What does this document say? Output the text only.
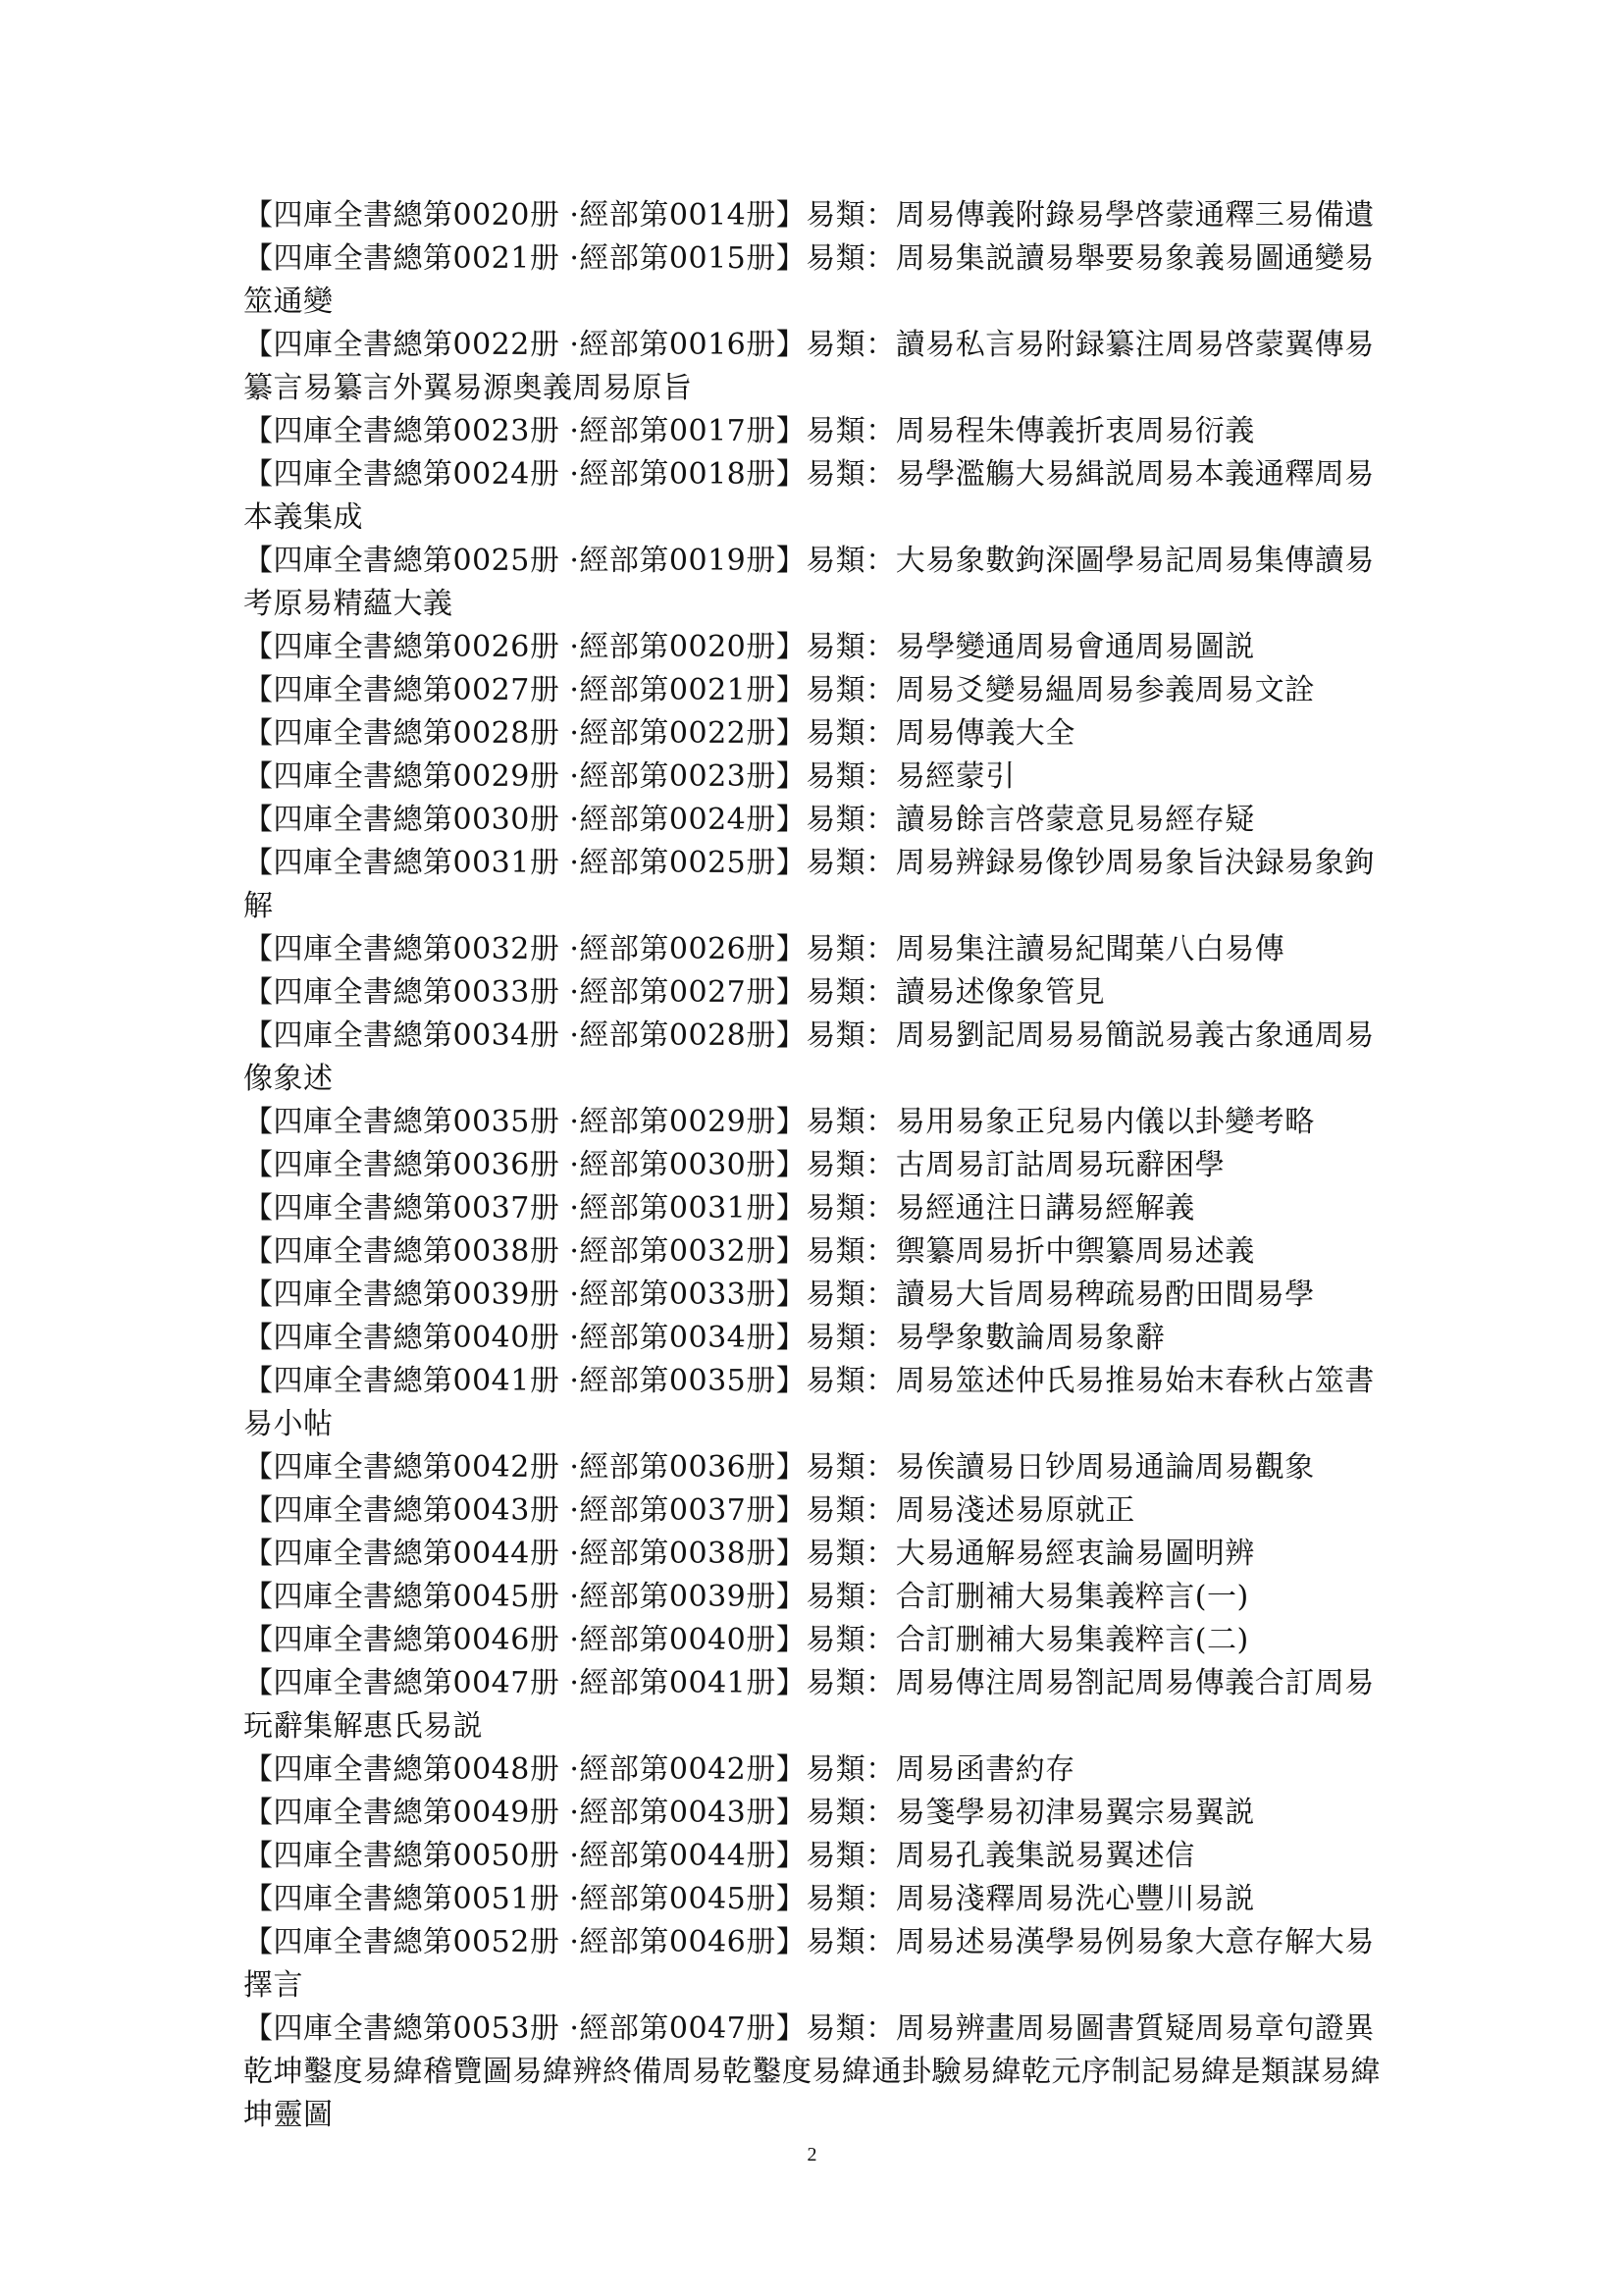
【四庫全書總第0020册 ·經部第0014册】易類：周易傳義附錄易學啓蒙通釋三易備遺

【四庫全書總第0021册 ·經部第0015册】易類：周易集説讀易舉要易象義易圖通變易筮通變

【四庫全書總第0022册 ·經部第0016册】易類：讀易私言易附録纂注周易啓蒙翼傳易纂言易纂言外翼易源奥義周易原旨

【四庫全書總第0023册 ·經部第0017册】易類：周易程朱傳義折衷周易衍義

【四庫全書總第0024册 ·經部第0018册】易類：易學濫觴大易緝説周易本義通釋周易本義集成

【四庫全書總第0025册 ·經部第0019册】易類：大易象數鉤深圖學易記周易集傳讀易考原易精蘊大義

【四庫全書總第0026册 ·經部第0020册】易類：易學變通周易會通周易圖説

【四庫全書總第0027册 ·經部第0021册】易類：周易爻變易緼周易参義周易文詮

【四庫全書總第0028册 ·經部第0022册】易類：周易傳義大全

【四庫全書總第0029册 ·經部第0023册】易類：易經蒙引

【四庫全書總第0030册 ·經部第0024册】易類：讀易餘言啓蒙意見易經存疑

【四庫全書總第0031册 ·經部第0025册】易類：周易辨録易像钞周易象旨決録易象鉤解

【四庫全書總第0032册 ·經部第0026册】易類：周易集注讀易紀聞葉八白易傳

【四庫全書總第0033册 ·經部第0027册】易類：讀易述像象管見

【四庫全書總第0034册 ·經部第0028册】易類：周易劉記周易易簡説易義古象通周易像象述

【四庫全書總第0035册 ·經部第0029册】易類：易用易象正兒易内儀以卦變考略

【四庫全書總第0036册 ·經部第0030册】易類：古周易訂詁周易玩辭困學

【四庫全書總第0037册 ·經部第0031册】易類：易經通注日講易經解義

【四庫全書總第0038册 ·經部第0032册】易類：禦纂周易折中禦纂周易述義

【四庫全書總第0039册 ·經部第0033册】易類：讀易大旨周易稗疏易酌田間易學

【四庫全書總第0040册 ·經部第0034册】易類：易學象數論周易象辭

【四庫全書總第0041册 ·經部第0035册】易類：周易筮述仲氏易推易始末春秋占筮書易小帖

【四庫全書總第0042册 ·經部第0036册】易類：易俟讀易日钞周易通論周易觀象

【四庫全書總第0043册 ·經部第0037册】易類：周易淺述易原就正

【四庫全書總第0044册 ·經部第0038册】易類：大易通解易經衷論易圖明辨

【四庫全書總第0045册 ·經部第0039册】易類：合訂删補大易集義粹言(一)

【四庫全書總第0046册 ·經部第0040册】易類：合訂删補大易集義粹言(二)

【四庫全書總第0047册 ·經部第0041册】易類：周易傳注周易劄記周易傳義合訂周易玩辭集解惠氏易説

【四庫全書總第0048册 ·經部第0042册】易類：周易函書約存

【四庫全書總第0049册 ·經部第0043册】易類：易箋學易初津易翼宗易翼説

【四庫全書總第0050册 ·經部第0044册】易類：周易孔義集説易翼述信

【四庫全書總第0051册 ·經部第0045册】易類：周易淺釋周易洗心豐川易説

【四庫全書總第0052册 ·經部第0046册】易類：周易述易漢學易例易象大意存解大易擇言

【四庫全書總第0053册 ·經部第0047册】易類：周易辨畫周易圖書質疑周易章句證異乾坤鑿度易緯稽覽圖易緯辨終備周易乾鑿度易緯通卦驗易緯乾元序制記易緯是類謀易緯坤靈圖

2
